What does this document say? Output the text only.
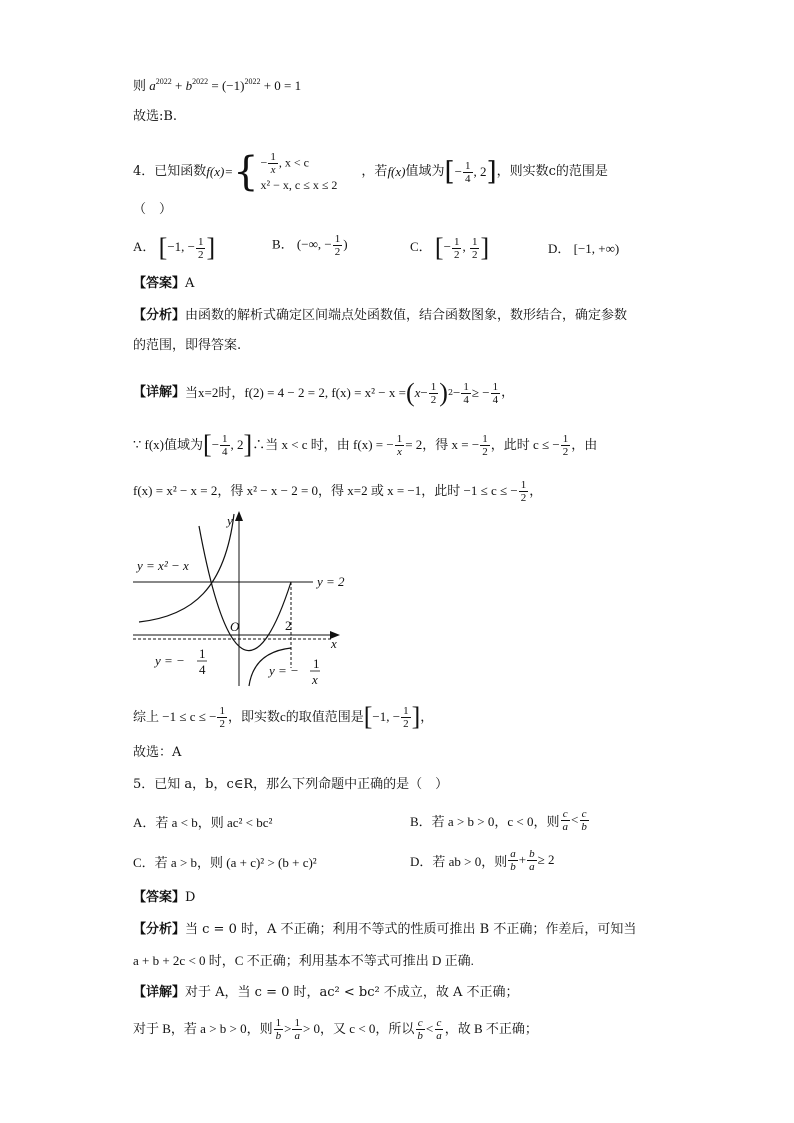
则 $a^{2022} + b^{2022} = (-1)^{2022} + 0 = 1$
故选:B.
4．已知函数 f(x)= { − $\frac{1}{x}$ , x < c
x² − x, c ≤ x ≤ 2
，若 f(x) 值域为 [ − $\frac{1}{4}$ , 2 ] ，则实数c的范围是
（　）
A． [−1, − $\frac{1}{2}$ ]	B． (−∞, − $\frac{1}{2}$ )	C． [− $\frac{1}{2}$ , $\frac{1}{2}$ ]	D． [−1, +∞)
【答案】A
【分析】由函数的解析式确定区间端点处函数值，结合函数图象，数形结合，确定参数
的范围，即得答案.
【详解】 当x=2时，f(2) = 4 − 2 = 2, f(x) = x² − x = ( $x - \frac{1}{2}$ ) $2 - \frac{1}{4}$ ≥ − $\frac{1}{4}$ ，
∵ f(x)值域为 [ − $\frac{1}{4}$ , 2 ] ∴当 x < c 时，由 f(x) = − $\frac{1}{x} = 2$，得 x = − $\frac{1}{2}$ ，此时 c ≤ − $\frac{1}{2}$ ，由
f(x) = x² − x = 2，得 x² − x − 2 = 0，得 x=2 或 x = −1，此时 −1 ≤ c ≤ − $\frac{1}{2}$ ，
y
x
y = x² − x
y = 2
O	2
y = − 1
4	y = − 1
x
综上 −1 ≤ c ≤ − $\frac{1}{2}$ ，即实数c的取值范围是 [ −1, − $\frac{1}{2}$ ] ，
故选：A
5．已知 a，b，c∈R，那么下列命题中正确的是（　）
A．若 a < b，则 ac² < bc²	B．若 a > b > 0，c < 0，则 $\frac{c}{a} < \frac{c}{b}$
C．若 a > b，则 (a + c)² > (b + c)²	D．若 ab > 0，则 $\frac{a}{b} + \frac{b}{a} \ge 2$
【答案】D
【分析】当 c = 0 时，A 不正确；利用不等式的性质可推出 B 不正确；作差后，可知当
a + b + 2c < 0 时，C 不正确；利用基本不等式可推出 D 正确.
【详解】对于 A，当 c = 0 时，ac² < bc² 不成立，故 A 不正确；
对于 B，若 a > b > 0，则 $\frac{1}{b} > \frac{1}{a} > 0$ ，又 c < 0，所以 $\frac{c}{b} < \frac{c}{a}$ ，故 B 不正确；
